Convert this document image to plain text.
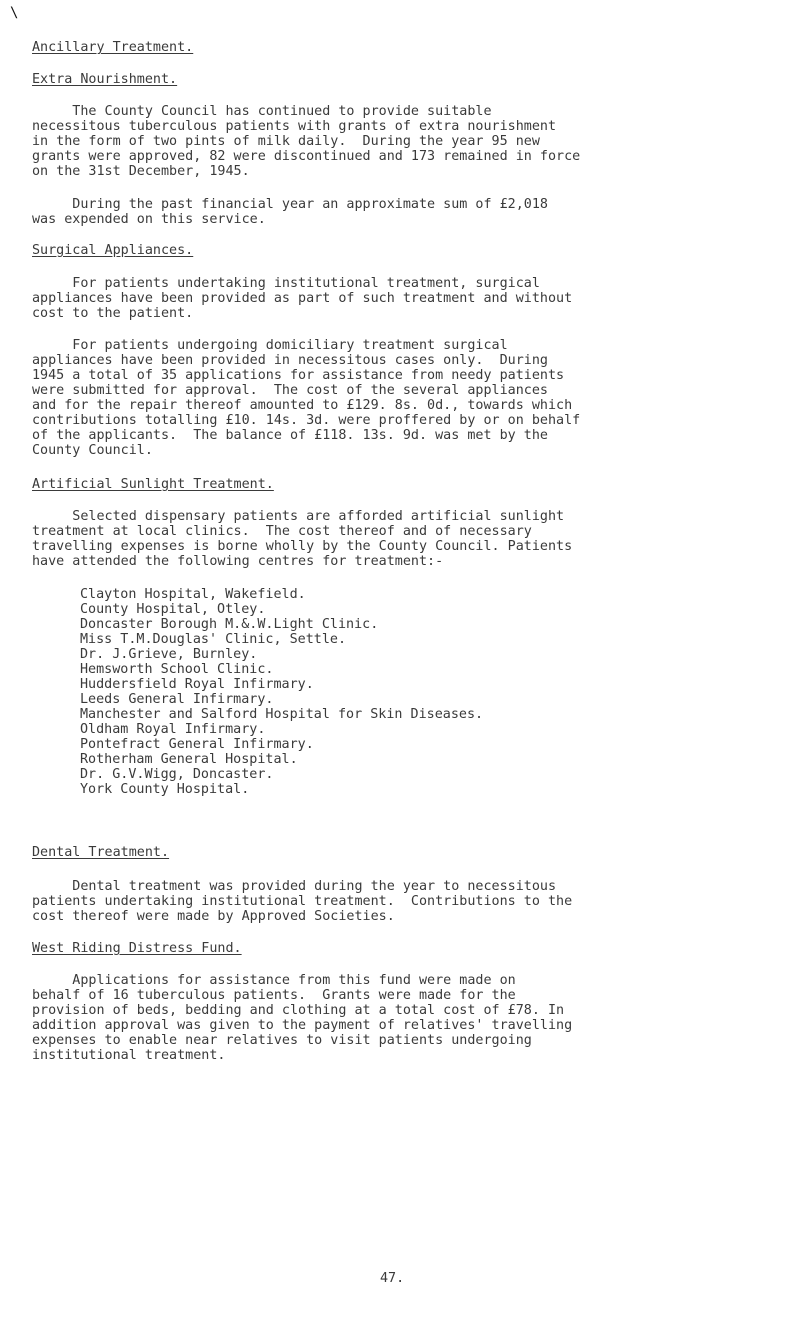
\
Ancillary Treatment.
Extra Nourishment.
The County Council has continued to provide suitable
necessitous tuberculous patients with grants of extra nourishment
in the form of two pints of milk daily.  During the year 95 new
grants were approved, 82 were discontinued and 173 remained in force
on the 31st December, 1945.
During the past financial year an approximate sum of £2,018
was expended on this service.
Surgical Appliances.
For patients undertaking institutional treatment, surgical
appliances have been provided as part of such treatment and without
cost to the patient.
For patients undergoing domiciliary treatment surgical
appliances have been provided in necessitous cases only.  During
1945 a total of 35 applications for assistance from needy patients
were submitted for approval.  The cost of the several appliances
and for the repair thereof amounted to £129. 8s. 0d., towards which
contributions totalling £10. 14s. 3d. were proffered by or on behalf
of the applicants.  The balance of £118. 13s. 9d. was met by the
County Council.
Artificial Sunlight Treatment.
Selected dispensary patients are afforded artificial sunlight
treatment at local clinics.  The cost thereof and of necessary
travelling expenses is borne wholly by the County Council. Patients
have attended the following centres for treatment:-
Clayton Hospital, Wakefield.
County Hospital, Otley.
Doncaster Borough M.&.W.Light Clinic.
Miss T.M.Douglas' Clinic, Settle.
Dr. J.Grieve, Burnley.
Hemsworth School Clinic.
Huddersfield Royal Infirmary.
Leeds General Infirmary.
Manchester and Salford Hospital for Skin Diseases.
Oldham Royal Infirmary.
Pontefract General Infirmary.
Rotherham General Hospital.
Dr. G.V.Wigg, Doncaster.
York County Hospital.
Dental Treatment.
Dental treatment was provided during the year to necessitous
patients undertaking institutional treatment.  Contributions to the
cost thereof were made by Approved Societies.
West Riding Distress Fund.
Applications for assistance from this fund were made on
behalf of 16 tuberculous patients.  Grants were made for the
provision of beds, bedding and clothing at a total cost of £78. In
addition approval was given to the payment of relatives' travelling
expenses to enable near relatives to visit patients undergoing
institutional treatment.
47.
